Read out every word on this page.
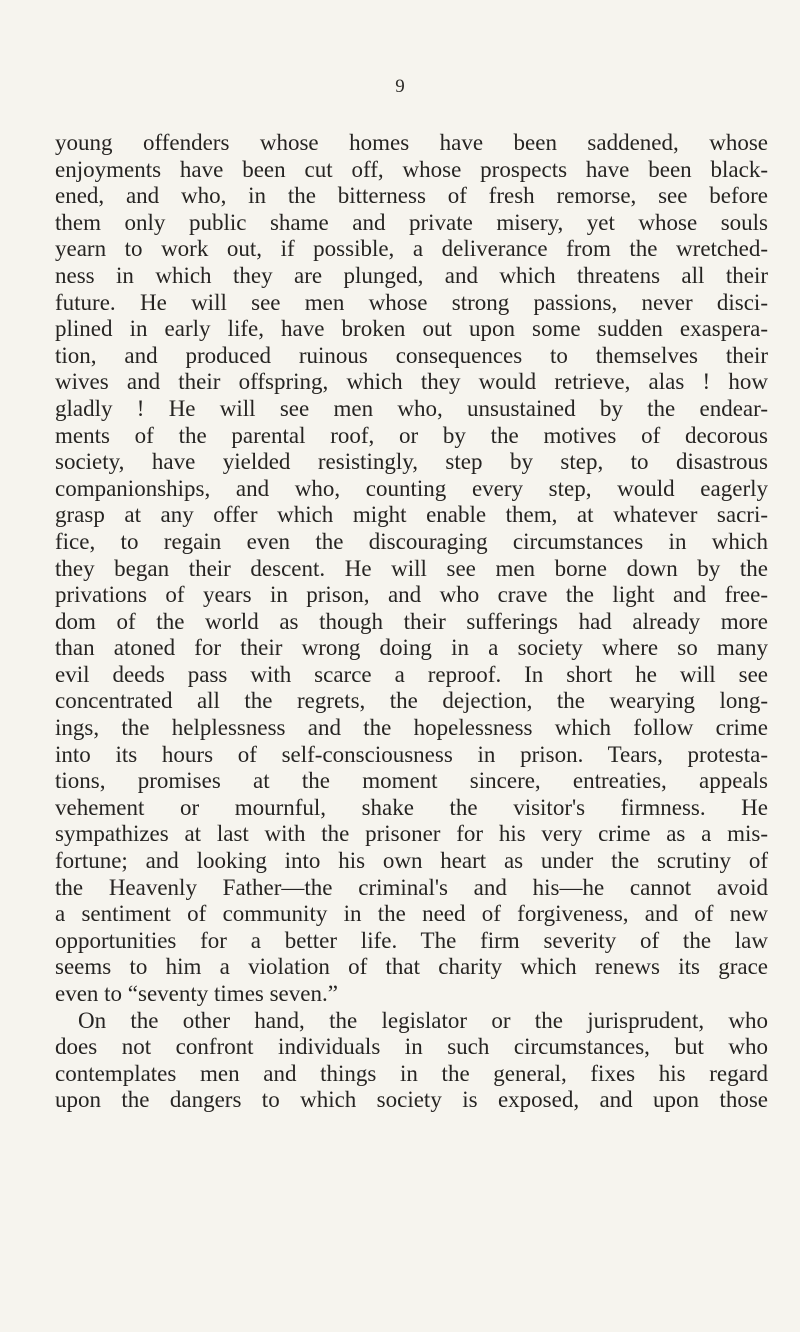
9
young offenders whose homes have been saddened, whose
enjoyments have been cut off, whose prospects have been black-
ened, and who, in the bitterness of fresh remorse, see before
them only public shame and private misery, yet whose souls
yearn to work out, if possible, a deliverance from the wretched-
ness in which they are plunged, and which threatens all their
future. He will see men whose strong passions, never disci-
plined in early life, have broken out upon some sudden exaspera-
tion, and produced ruinous consequences to themselves their
wives and their offspring, which they would retrieve, alas ! how
gladly ! He will see men who, unsustained by the endear-
ments of the parental roof, or by the motives of decorous
society, have yielded resistingly, step by step, to disastrous
companionships, and who, counting every step, would eagerly
grasp at any offer which might enable them, at whatever sacri-
fice, to regain even the discouraging circumstances in which
they began their descent. He will see men borne down by the
privations of years in prison, and who crave the light and free-
dom of the world as though their sufferings had already more
than atoned for their wrong doing in a society where so many
evil deeds pass with scarce a reproof. In short he will see
concentrated all the regrets, the dejection, the wearying long-
ings, the helplessness and the hopelessness which follow crime
into its hours of self-consciousness in prison. Tears, protesta-
tions, promises at the moment sincere, entreaties, appeals
vehement or mournful, shake the visitor's firmness. He
sympathizes at last with the prisoner for his very crime as a mis-
fortune; and looking into his own heart as under the scrutiny of
the Heavenly Father—the criminal's and his—he cannot avoid
a sentiment of community in the need of forgiveness, and of new
opportunities for a better life. The firm severity of the law
seems to him a violation of that charity which renews its grace
even to “seventy times seven.”
On the other hand, the legislator or the jurisprudent, who
does not confront individuals in such circumstances, but who
contemplates men and things in the general, fixes his regard
upon the dangers to which society is exposed, and upon those
